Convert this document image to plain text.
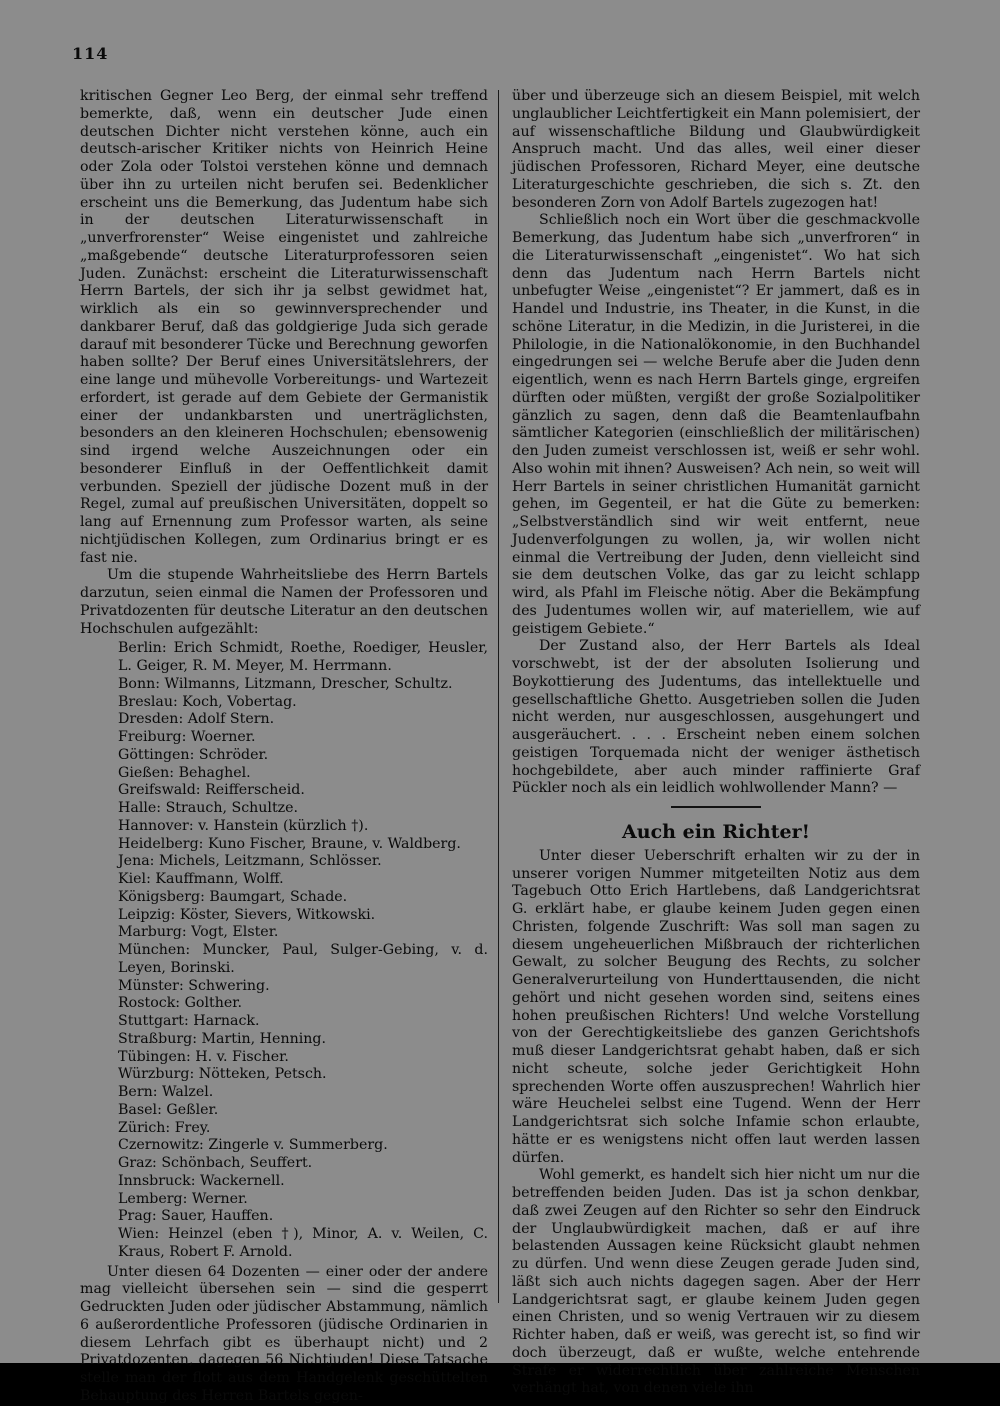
114

kritischen Gegner Leo Berg, der einmal sehr treffend bemerkte, daß, wenn ein deutscher Jude einen deutschen Dichter nicht verstehen könne, auch ein deutsch-arischer Kritiker nichts von Heinrich Heine oder Zola oder Tolstoi verstehen könne und demnach über ihn zu urteilen nicht berufen sei. Bedenklicher erscheint uns die Bemerkung, das Judentum habe sich in der deutschen Literaturwissenschaft in „unverfrorenster“ Weise eingenistet und zahlreiche „maßgebende“ deutsche Literaturprofessoren seien Juden. Zunächst: erscheint die Literaturwissenschaft Herrn Bartels, der sich ihr ja selbst gewidmet hat, wirklich als ein so gewinnversprechender und dankbarer Beruf, daß das goldgierige Juda sich gerade darauf mit besonderer Tücke und Berechnung geworfen haben sollte? Der Beruf eines Universitätslehrers, der eine lange und mühevolle Vorbereitungs- und Wartezeit erfordert, ist gerade auf dem Gebiete der Germanistik einer der undankbarsten und unerträglichsten, besonders an den kleineren Hochschulen; ebensowenig sind irgend welche Auszeichnungen oder ein besonderer Einfluß in der Oeffentlichkeit damit verbunden. Speziell der jüdische Dozent muß in der Regel, zumal auf preußischen Universitäten, doppelt so lang auf Ernennung zum Professor warten, als seine nichtjüdischen Kollegen, zum Ordinarius bringt er es fast nie.

Um die stupende Wahrheitsliebe des Herrn Bartels darzutun, seien einmal die Namen der Professoren und Privatdozenten für deutsche Literatur an den deutschen Hochschulen aufgezählt:

Berlin: Erich Schmidt, Roethe, Roediger, Heusler, L. Geiger, R. M. Meyer, M. Herrmann.
Bonn: Wilmanns, Litzmann, Drescher, Schultz.
Breslau: Koch, Vobertag.
Dresden: Adolf Stern.
Freiburg: Woerner.
Göttingen: Schröder.
Gießen: Behaghel.
Greifswald: Reifferscheid.
Halle: Strauch, Schultze.
Hannover: v. Hanstein (kürzlich †).
Heidelberg: Kuno Fischer, Braune, v. Waldberg.
Jena: Michels, Leitzmann, Schlösser.
Kiel: Kauffmann, Wolff.
Königsberg: Baumgart, Schade.
Leipzig: Köster, Sievers, Witkowski.
Marburg: Vogt, Elster.
München: Muncker, Paul, Sulger-Gebing, v. d. Leyen, Borinski.
Münster: Schwering.
Rostock: Golther.
Stuttgart: Harnack.
Straßburg: Martin, Henning.
Tübingen: H. v. Fischer.
Würzburg: Nötteken, Petsch.
Bern: Walzel.
Basel: Geßler.
Zürich: Frey.
Czernowitz: Zingerle v. Summerberg.
Graz: Schönbach, Seuffert.
Innsbruck: Wackernell.
Lemberg: Werner.
Prag: Sauer, Hauffen.
Wien: Heinzel (eben †), Minor, A. v. Weilen, C. Kraus, Robert F. Arnold.

Unter diesen 64 Dozenten — einer oder der andere mag vielleicht übersehen sein — sind die gesperrt Gedruckten Juden oder jüdischer Abstammung, nämlich 6 außerordentliche Professoren (jüdische Ordinarien in diesem Lehrfach gibt es überhaupt nicht) und 2 Privatdozenten, dagegen 56 Nichtjuden! Diese Tatsache stelle man der flott aus dem Handgelenk geschüttelten Behauptung des Herren Bartels gegen-

über und überzeuge sich an diesem Beispiel, mit welch unglaublicher Leichtfertigkeit ein Mann polemisiert, der auf wissenschaftliche Bildung und Glaubwürdigkeit Anspruch macht. Und das alles, weil einer dieser jüdischen Professoren, Richard Meyer, eine deutsche Literaturgeschichte geschrieben, die sich s. Zt. den besonderen Zorn von Adolf Bartels zugezogen hat!

Schließlich noch ein Wort über die geschmackvolle Bemerkung, das Judentum habe sich „unverfroren“ in die Literaturwissenschaft „eingenistet“. Wo hat sich denn das Judentum nach Herrn Bartels nicht unbefugter Weise „eingenistet“? Er jammert, daß es in Handel und Industrie, ins Theater, in die Kunst, in die schöne Literatur, in die Medizin, in die Juristerei, in die Philologie, in die Nationalökonomie, in den Buchhandel eingedrungen sei — welche Berufe aber die Juden denn eigentlich, wenn es nach Herrn Bartels ginge, ergreifen dürften oder müßten, vergißt der große Sozialpolitiker gänzlich zu sagen, denn daß die Beamtenlaufbahn sämtlicher Kategorien (einschließlich der militärischen) den Juden zumeist verschlossen ist, weiß er sehr wohl. Also wohin mit ihnen? Ausweisen? Ach nein, so weit will Herr Bartels in seiner christlichen Humanität garnicht gehen, im Gegenteil, er hat die Güte zu bemerken: „Selbstverständlich sind wir weit entfernt, neue Judenverfolgungen zu wollen, ja, wir wollen nicht einmal die Vertreibung der Juden, denn vielleicht sind sie dem deutschen Volke, das gar zu leicht schlapp wird, als Pfahl im Fleische nötig. Aber die Bekämpfung des Judentumes wollen wir, auf materiellem, wie auf geistigem Gebiete.“

Der Zustand also, der Herr Bartels als Ideal vorschwebt, ist der der absoluten Isolierung und Boykottierung des Judentums, das intellektuelle und gesellschaftliche Ghetto. Ausgetrieben sollen die Juden nicht werden, nur ausgeschlossen, ausgehungert und ausgeräuchert. . . . Erscheint neben einem solchen geistigen Torquemada nicht der weniger ästhetisch hochgebildete, aber auch minder raffinierte Graf Pückler noch als ein leidlich wohlwollender Mann? —

Auch ein Richter!

Unter dieser Ueberschrift erhalten wir zu der in unserer vorigen Nummer mitgeteilten Notiz aus dem Tagebuch Otto Erich Hartlebens, daß Landgerichtsrat G. erklärt habe, er glaube keinem Juden gegen einen Christen, folgende Zuschrift: Was soll man sagen zu diesem ungeheuerlichen Mißbrauch der richterlichen Gewalt, zu solcher Beugung des Rechts, zu solcher Generalverurteilung von Hunderttausenden, die nicht gehört und nicht gesehen worden sind, seitens eines hohen preußischen Richters! Und welche Vorstellung von der Gerechtigkeitsliebe des ganzen Gerichtshofs muß dieser Landgerichtsrat gehabt haben, daß er sich nicht scheute, solche jeder Gerichtigkeit Hohn sprechenden Worte offen auszusprechen! Wahrlich hier wäre Heuchelei selbst eine Tugend. Wenn der Herr Landgerichtsrat sich solche Infamie schon erlaubte, hätte er es wenigstens nicht offen laut werden lassen dürfen.

Wohl gemerkt, es handelt sich hier nicht um nur die betreffenden beiden Juden. Das ist ja schon denkbar, daß zwei Zeugen auf den Richter so sehr den Eindruck der Unglaubwürdigkeit machen, daß er auf ihre belastenden Aussagen keine Rücksicht glaubt nehmen zu dürfen. Und wenn diese Zeugen gerade Juden sind, läßt sich auch nichts dagegen sagen. Aber der Herr Landgerichtsrat sagt, er glaube keinem Juden gegen einen Christen, und so wenig Vertrauen wir zu diesem Richter haben, daß er weiß, was gerecht ist, so find wir doch überzeugt, daß er wußte, welche entehrende Strafe er widerrechtlich über zahlreiche Menschen verhängt hat, von denen viele ihn
